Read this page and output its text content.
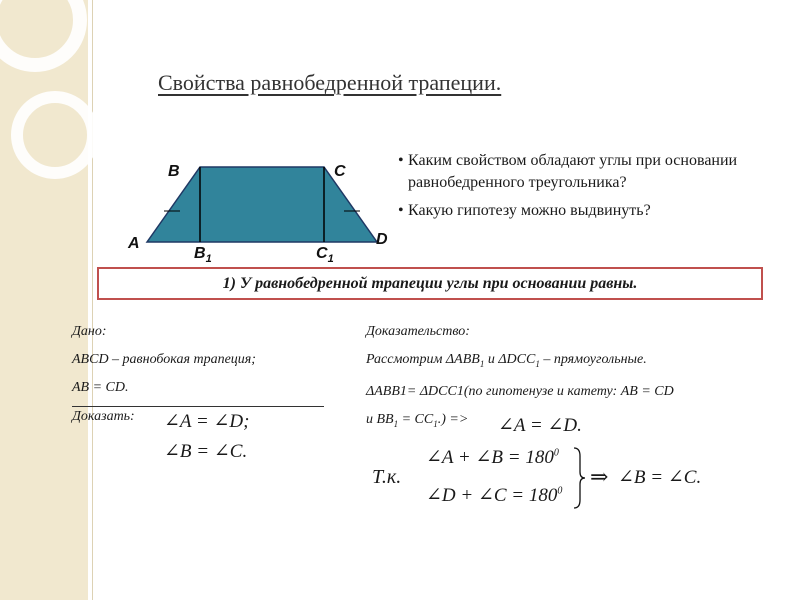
Свойства равнобедренной трапеции.
B	C
A	D
$B_1$	$C_1$
• Каким свойством обладают углы при основании равнобедренного треугольника?
• Какую гипотезу можно выдвинуть?
1) У равнобедренной трапеции углы при основании равны.
Дано:
ABCD – равнобокая трапеция;
AB = CD.
Доказать:	∠A = ∠D;
∠B = ∠C.
Доказательство:
Рассмотрим $\Delta ABB_1$ и $\Delta DCC_1$ – прямоугольные.
ΔABB1= ΔDCC1(по гипотенузе и катету: AB = CD
и $BB_1 = CC_1$.) =>	∠A = ∠D.
Т.к.
∠A + ∠B = $180^0$
∠D + ∠C = $180^0$
⇒ ∠B = ∠C.
